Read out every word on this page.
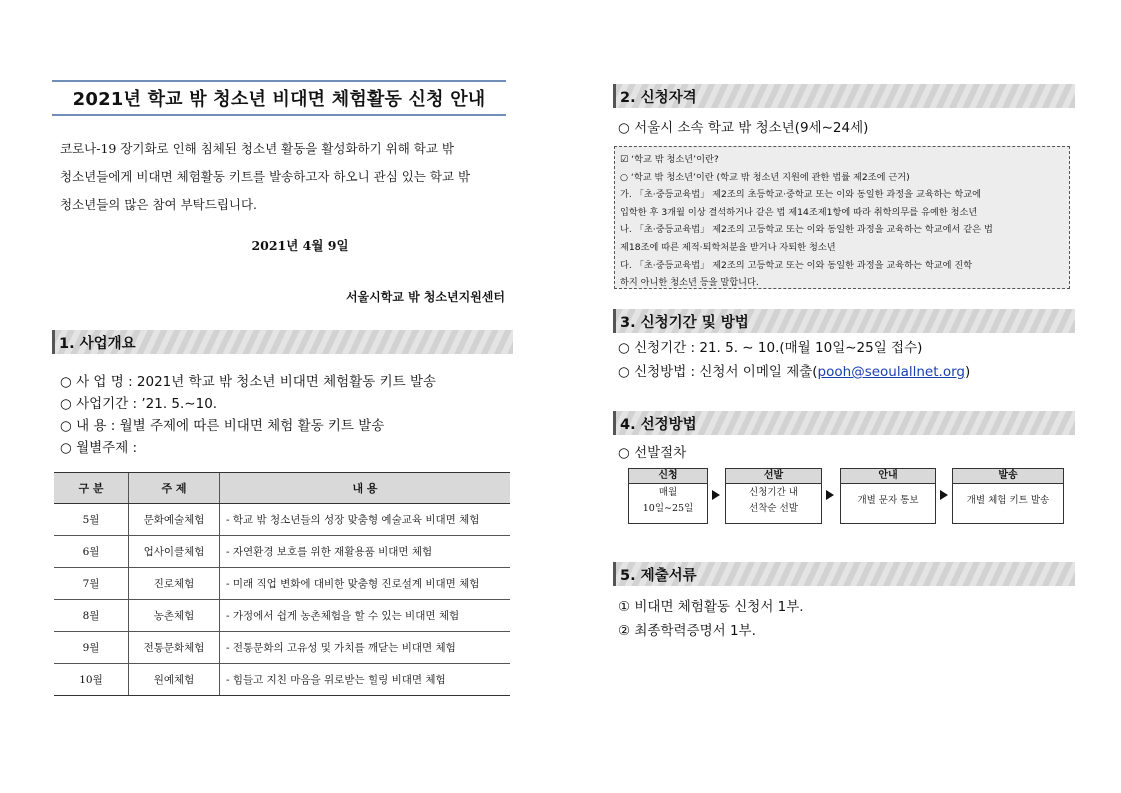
2021년 학교 밖 청소년 비대면 체험활동 신청 안내
코로나-19 장기화로 인해 침체된 청소년 활동을 활성화하기 위해 학교 밖
청소년들에게 비대면 체험활동 키트를 발송하고자 하오니 관심 있는 학교 밖
청소년들의 많은 참여 부탁드립니다.
2021년 4월 9일
서울시학교 밖 청소년지원센터
1. 사업개요
○ 사 업 명 : 2021년 학교 밖 청소년 비대면 체험활동 키트 발송
○ 사업기간 : ’21. 5.∼10.
○ 내 용 : 월별 주제에 따른 비대면 체험 활동 키트 발송
○ 월별주제 :
구 분	주 제	내 용
5월	문화예술체험	- 학교 밖 청소년들의 성장 맞춤형 예술교육 비대면 체험
6월	업사이클체험	- 자연환경 보호를 위한 재활용품 비대면 체험
7월	진로체험	- 미래 직업 변화에 대비한 맞춤형 진로설계 비대면 체험
8월	농촌체험	- 가정에서 쉽게 농촌체험을 할 수 있는 비대면 체험
9월	전통문화체험	- 전통문화의 고유성 및 가치를 깨닫는 비대면 체험
10월	원예체험	- 힘들고 지친 마음을 위로받는 힐링 비대면 체험
2. 신청자격
○ 서울시 소속 학교 밖 청소년(9세∼24세)
☑ ‘학교 밖 청소년’이란?
○ ‘학교 밖 청소년’이란 (학교 밖 청소년 지원에 관한 법률 제2조에 근거)
가. 「초·중등교육법」 제2조의 초등학교·중학교 또는 이와 동일한 과정을 교육하는 학교에
입학한 후 3개월 이상 결석하거나 같은 법 제14조제1항에 따라 취학의무를 유예한 청소년
나. 「초·중등교육법」 제2조의 고등학교 또는 이와 동일한 과정을 교육하는 학교에서 같은 법
제18조에 따른 제적·퇴학처분을 받거나 자퇴한 청소년
다. 「초·중등교육법」 제2조의 고등학교 또는 이와 동일한 과정을 교육하는 학교에 진학
하지 아니한 청소년 등을 말합니다.
3. 신청기간 및 방법
○ 신청기간 : 21. 5. ∼ 10.(매월 10일∼25일 접수)
○ 신청방법 : 신청서 이메일 제출(pooh@seoulallnet.org)
4. 선정방법
○ 선발절차
신청
매월
10일∼25일
선발
신청기간 내
선착순 선발
안내
개별 문자 통보
발송
개별 체험 키트 발송
5. 제출서류
① 비대면 체험활동 신청서 1부.
② 최종학력증명서 1부.
